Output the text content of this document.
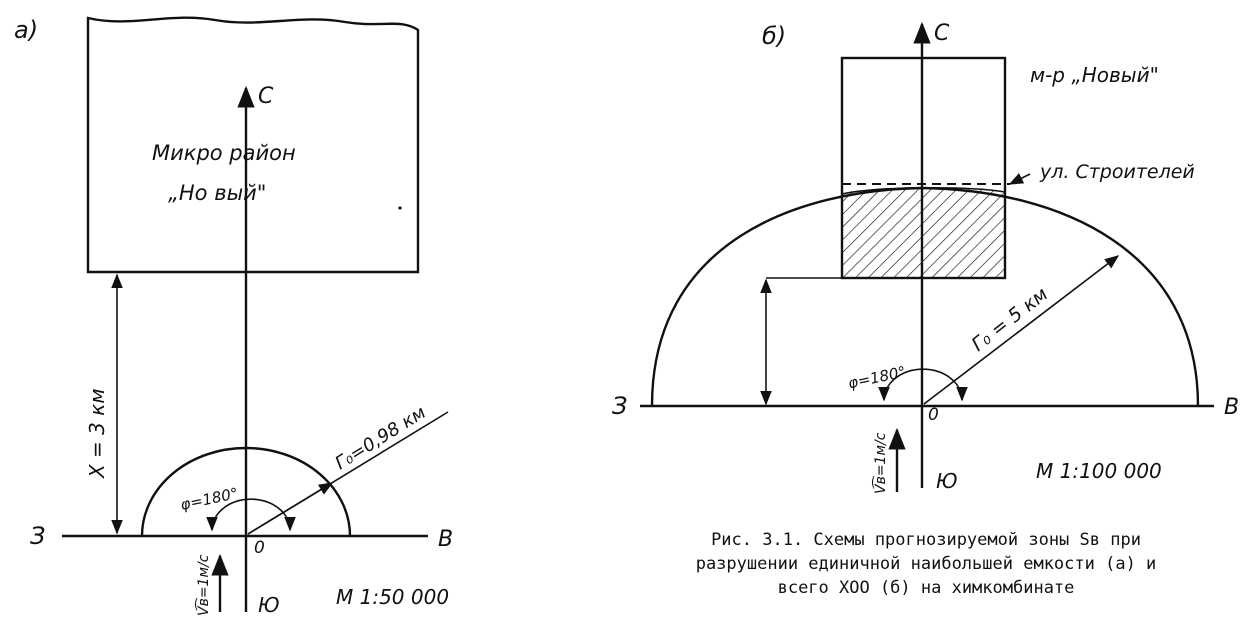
а)
Микро район
„Но вый"
С
Ю
З	В
0
φ=180°
X = 3 км	Γ₀=0,98 км
V͡в=1м/с	М 1:50 000
б)	С
Ю
З	В
0
м-р „Новый"
ул. Строителей
φ=180°
Γ₀ = 5 км
V͡в=1м/с	М 1:100 000
Рис. 3.1. Схемы прогнозируемой зоны Sв при
разрушении единичной наибольшей емкости (а) и
всего ХОО (б) на химкомбинате
